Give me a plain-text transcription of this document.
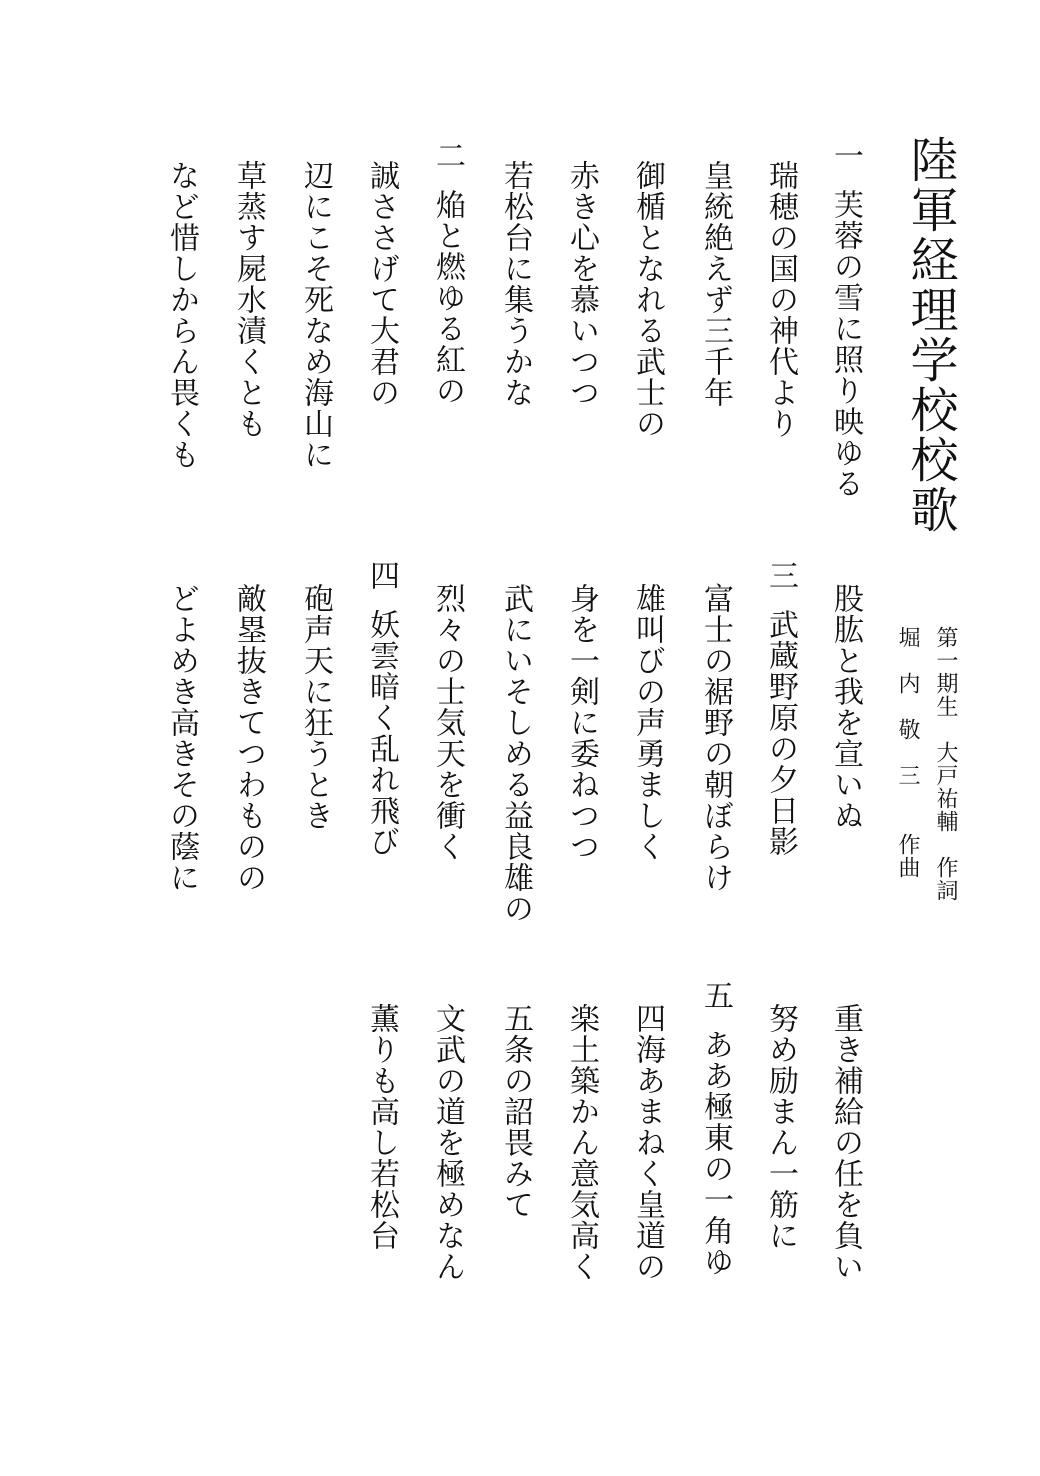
陸軍経理学校校歌
一芙蓉の雪に照り映ゆる
瑞穂の国の神代より
皇統絶えず三千年
御楯となれる武士の
赤き心を慕いつつ
若松台に集うかな
二焔と燃ゆる紅の
誠ささげて大君の
辺にこそ死なめ海山に
草蒸す屍水漬くとも
など惜しからん畏くも
股肱と我を宣いぬ	第一期生　大戸祐輔　作詞
堀　内　敬　三　　作曲
三武蔵野原の夕日影
富士の裾野の朝ぼらけ
雄叫びの声勇ましく
身を一剣に委ねつつ
武にいそしめる益良雄の
烈々の士気天を衝く
四妖雲暗く乱れ飛び
砲声天に狂うとき
敵塁抜きてつわものの
どよめき高きその蔭に
重き補給の任を負い
努め励まん一筋に
五ああ極東の一角ゆ
四海あまねく皇道の
楽土築かん意気高く
五条の詔畏みて
文武の道を極めなん
薫りも高し若松台
